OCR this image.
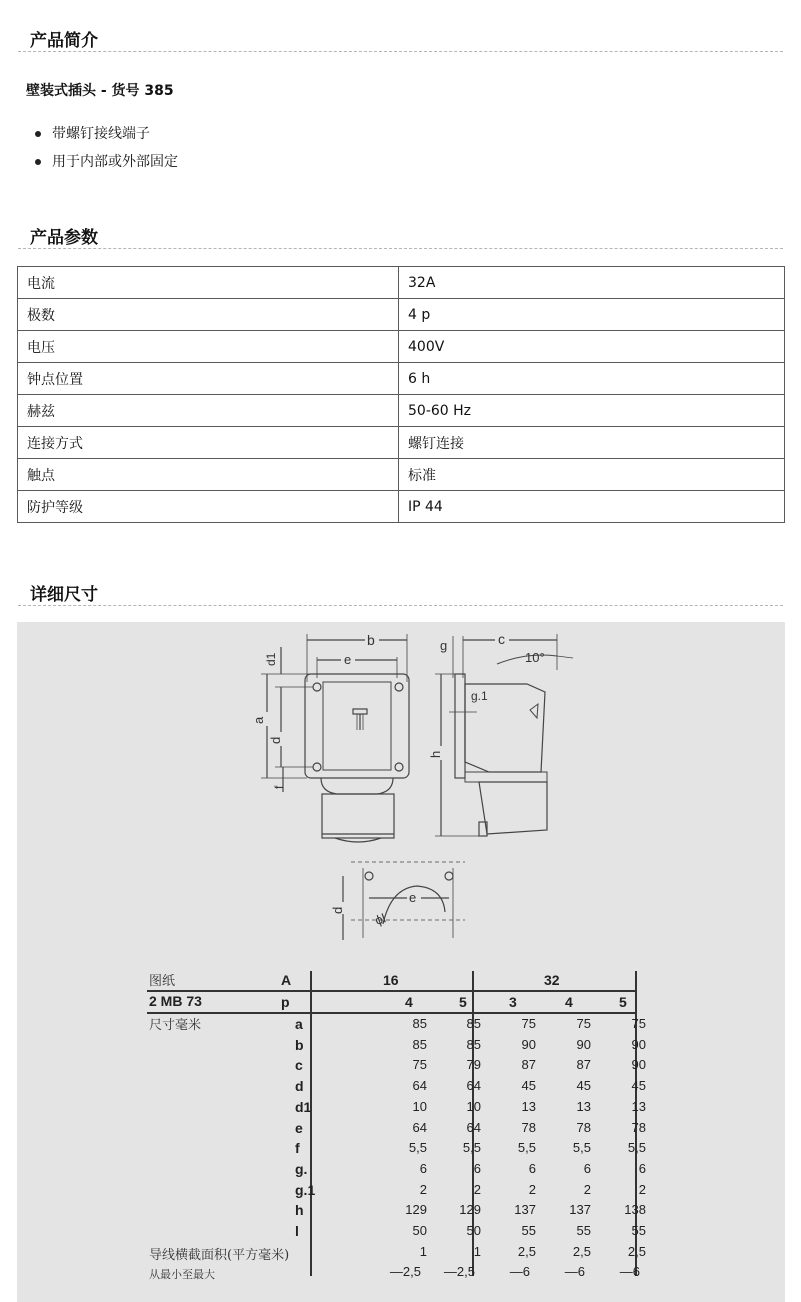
产品简介
壁装式插头 - 货号 385
带螺钉接线端子
用于内部或外部固定
产品参数
电流	32A
极数	4 p
电压	400V
钟点位置	6 h
赫兹	50-60 Hz
连接方式	螺钉连接
触点	标准
防护等级	IP 44
详细尺寸
b
e
a
d
d1
f
g	c
10°
g.1
h
d
e
ϕl
图纸	A	16	32
2 MB 73	p	4	5	3	4	5
尺寸毫米	a	85	85	75	75	75
b	85	85	90	90	90
c	75	79	87	87	90
d	64	64	45	45	45
d1	10	10	13	13	13
e	64	64	78	78	78
f	5,5	5,5	5,5	5,5	5,5
g.	6	6	6	6	6
g.1	2	2	2	2	2
h	129	129	137	137	138
l	50	50	55	55	55
导线横截面积(平方毫米)	1	1	2,5	2,5	2,5
从最小至最大	—2,5	—2,5	—6	—6	—6
